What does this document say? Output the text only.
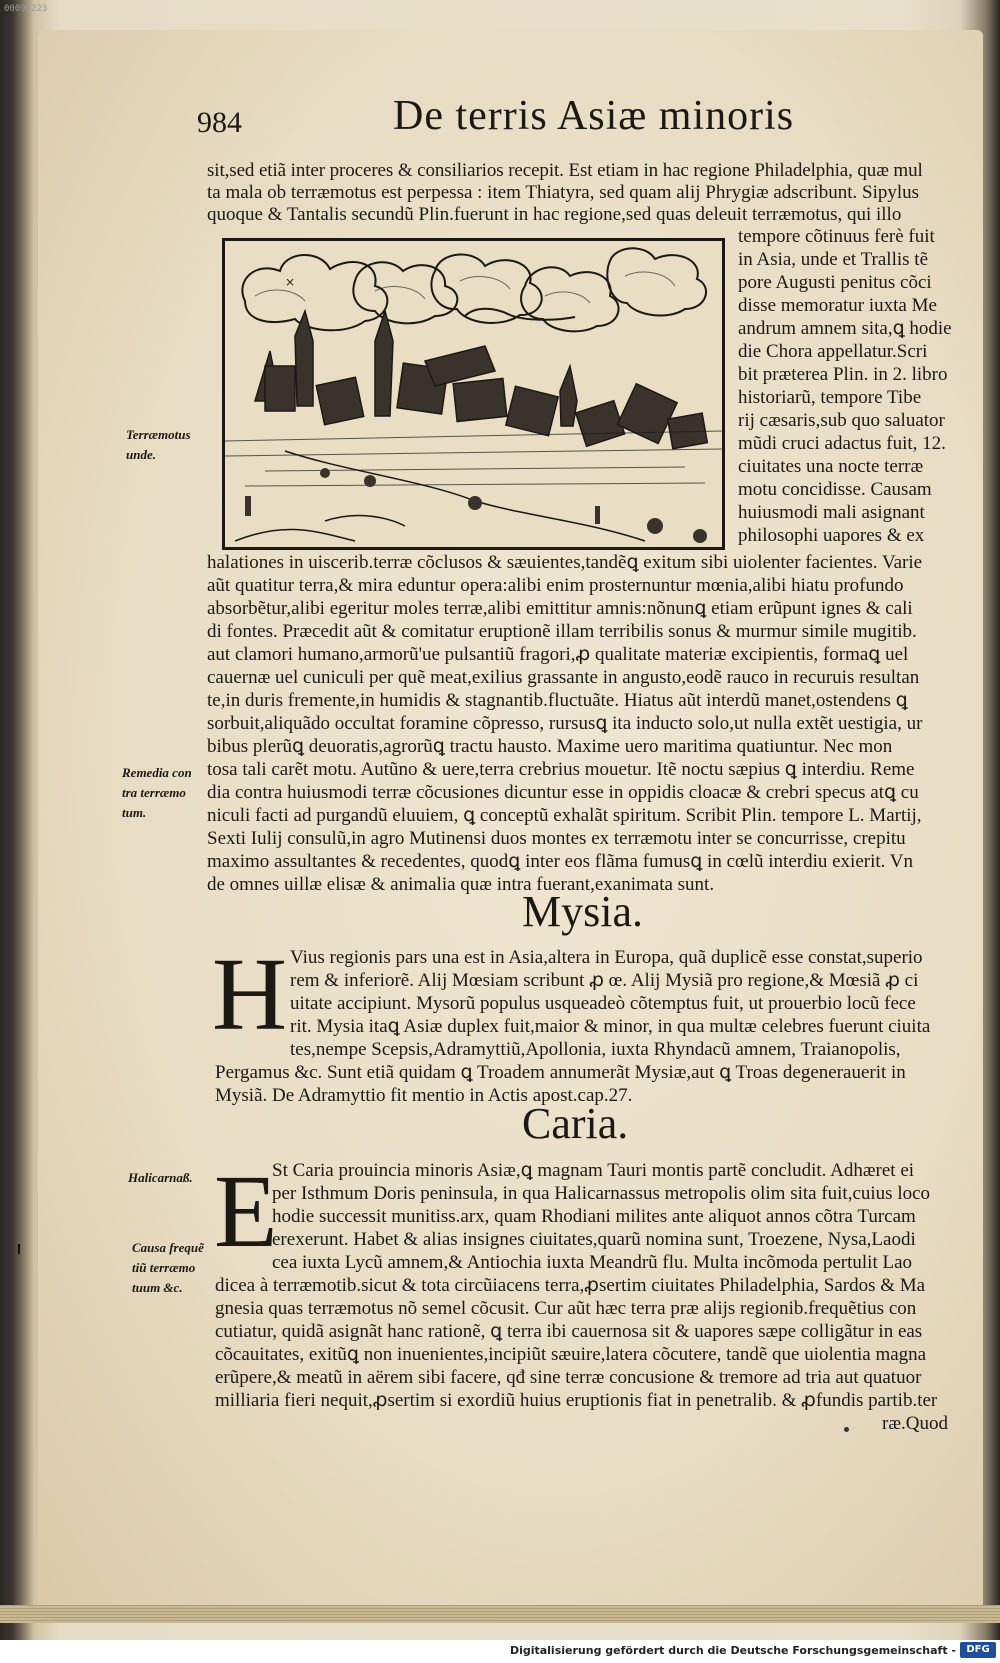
00096223
984	De terris Asiæ minoris
sit,sed etiã inter proceres & consiliarios recepit. Est etiam in hac regione Philadelphia, quæ mul
ta mala ob terræmotus est perpessa : item Thiatyra, sed quam alij Phrygiæ adscribunt. Sipylus
quoque & Tantalis secundũ Plin.fuerunt in hac regione,sed quas deleuit terræmotus, qui illo
×
tempore cõtinuus ferè fuit
in Asia, unde et Trallis tẽ
pore Augusti penitus cõci
disse memoratur iuxta Me
andrum amnem sita,ꝗ hodie
die Chora appellatur.Scri
bit præterea Plin. in 2. libro
historiarũ, tempore Tibe
rij cæsaris,sub quo saluator
mũdi cruci adactus fuit, 12.
ciuitates una nocte terræ
motu concidisse. Causam
huiusmodi mali asignant
philosophi uapores & ex
Terræmotus
unde.
halationes in uiscerib.terræ cõclusos & sæuientes,tandẽꝗ exitum sibi uiolenter facientes. Varie
aũt quatitur terra,& mira eduntur opera:alibi enim prosternuntur mœnia,alibi hiatu profundo
absorbẽtur,alibi egeritur moles terræ,alibi emittitur amnis:nõnunꝗ etiam erũpunt ignes & cali
di fontes. Præcedit aũt & comitatur eruptionẽ illam terribilis sonus & murmur simile mugitib.
aut clamori humano,armorũ'ue pulsantiũ fragori,ꝓ qualitate materiæ excipientis, formaꝗ uel
cauernæ uel cuniculi per quẽ meat,exilius grassante in angusto,eodẽ rauco in recuruis resultan
te,in duris fremente,in humidis & stagnantib.fluctuãte. Hiatus aũt interdũ manet,ostendens ꝗ
sorbuit,aliquãdo occultat foramine cõpresso, rursusꝗ ita inducto solo,ut nulla extẽt uestigia, ur
bibus plerũꝗ deuoratis,agrorũꝗ tractu hausto. Maxime uero maritima quatiuntur. Nec mon
tosa tali carẽt motu. Autũno & uere,terra crebrius mouetur. Itẽ noctu sæpius ꝗ interdiu. Reme
dia contra huiusmodi terræ cõcusiones dicuntur esse in oppidis cloacæ & crebri specus atꝗ cu
niculi facti ad purgandũ eluuiem, ꝗ conceptũ exhalãt spiritum. Scribit Plin. tempore L. Martij,
Sexti Iulij consulũ,in agro Mutinensi duos montes ex terræmotu inter se concurrisse, crepitu
maximo assultantes & recedentes, quodꝗ inter eos flãma fumusꝗ in cœlũ interdiu exierit. Vn
de omnes uillæ elisæ & animalia quæ intra fuerant,exanimata sunt.
Remedia con
tra terræmo
tum.
Mysia.
H Vius regionis pars una est in Asia,altera in Europa, quã duplicẽ esse constat,superio
rem & inferiorẽ. Alij Mœsiam scribunt ꝓ œ. Alij Mysiã pro regione,& Mœsiã ꝓ ci
uitate accipiunt. Mysorũ populus usqueadeò cõtemptus fuit, ut prouerbio locũ fece
rit. Mysia itaꝗ Asiæ duplex fuit,maior & minor, in qua multæ celebres fuerunt ciuita
tes,nempe Scepsis,Adramyttiũ,Apollonia, iuxta Rhyndacũ amnem, Traianopolis,
Pergamus &c. Sunt etiã quidam ꝗ Troadem annumerãt Mysiæ,aut ꝗ Troas degenerauerit in
Mysiã. De Adramyttio fit mentio in Actis apost.cap.27.
Caria.
E
St Caria prouincia minoris Asiæ,ꝗ magnam Tauri montis partẽ concludit. Adhæret ei
per Isthmum Doris peninsula, in qua Halicarnassus metropolis olim sita fuit,cuius loco
hodie successit munitiss.arx, quam Rhodiani milites ante aliquot annos cõtra Turcam
erexerunt. Habet & alias insignes ciuitates,quarũ nomina sunt, Troezene, Nysa,Laodi
cea iuxta Lycũ amnem,& Antiochia iuxta Meandrũ flu. Multa incõmoda pertulit Lao
dicea à terræmotib.sicut & tota circũiacens terra,ꝓsertim ciuitates Philadelphia, Sardos & Ma
gnesia quas terræmotus nõ semel cõcusit. Cur aũt hæc terra præ alijs regionib.frequẽtius con
cutiatur, quidã asignãt hanc rationẽ, ꝗ terra ibi cauernosa sit & uapores sæpe colligãtur in eas
cõcauitates, exitũꝗ non inuenientes,incipiũt sæuire,latera cõcutere, tandẽ que uiolentia magna
erũpere,& meatũ in aërem sibi facere, qđ sine terræ concusione & tremore ad tria aut quatuor
milliaria fieri nequit,ꝓsertim si exordiũ huius eruptionis fiat in penetralib. & ꝓfundis partib.ter
ræ.Quod
Halicarnaß.
Causa frequẽ
tiũ terræmo
tuum &c.
Digitalisierung gefördert durch die Deutsche Forschungsgemeinschaft -	DFG
